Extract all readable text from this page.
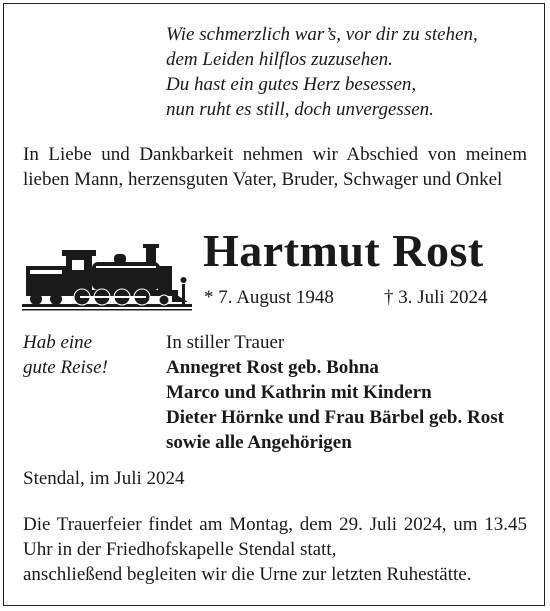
Wie schmerzlich war’s, vor dir zu stehen,
dem Leiden hilflos zuzusehen.
Du hast ein gutes Herz besessen,
nun ruht es still, doch unvergessen.
In Liebe und Dankbarkeit nehmen wir Abschied von meinem lieben Mann, herzensguten Vater, Bruder, Schwager und Onkel
Hartmut Rost
* 7. August 1948	† 3. Juli 2024
Hab eine
gute Reise!
In stiller Trauer
Annegret Rost geb. Bohna
Marco und Kathrin mit Kindern
Dieter Hörnke und Frau Bärbel geb. Rost
sowie alle Angehörigen
Stendal, im Juli 2024
Die Trauerfeier findet am Montag, dem 29. Juli 2024, um 13.45 Uhr in der Friedhofskapelle Stendal statt,
anschließend begleiten wir die Urne zur letzten Ruhestätte.
